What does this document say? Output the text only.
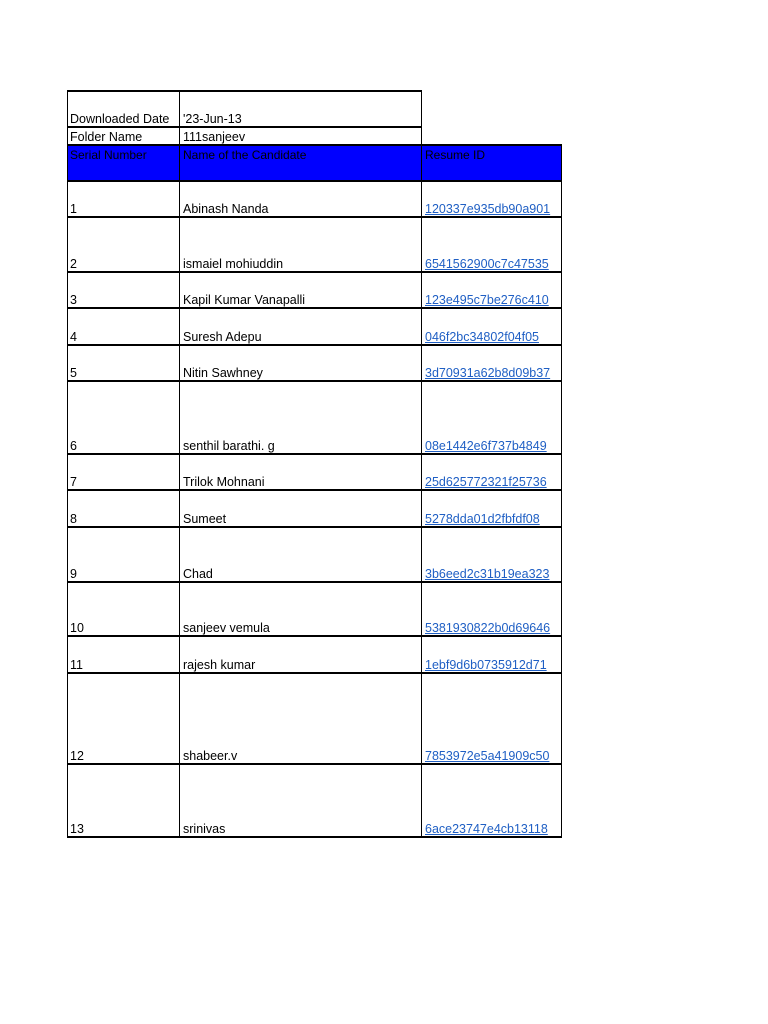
Downloaded Date	'23-Jun-13
Folder Name	111sanjeev
Serial Number	Name of the Candidate	Resume ID
1	Abinash Nanda	120337e935db90a901
2	ismaiel mohiuddin	6541562900c7c47535
3	Kapil Kumar Vanapalli	123e495c7be276c410
4	Suresh Adepu	046f2bc34802f04f05
5	Nitin Sawhney	3d70931a62b8d09b37
6	senthil barathi. g	08e1442e6f737b4849
7	Trilok Mohnani	25d625772321f25736
8	Sumeet	5278dda01d2fbfdf08
9	Chad	3b6eed2c31b19ea323
10	sanjeev vemula	5381930822b0d69646
11	rajesh kumar	1ebf9d6b0735912d71
12	shabeer.v	7853972e5a41909c50
13	srinivas	6ace23747e4cb13118
